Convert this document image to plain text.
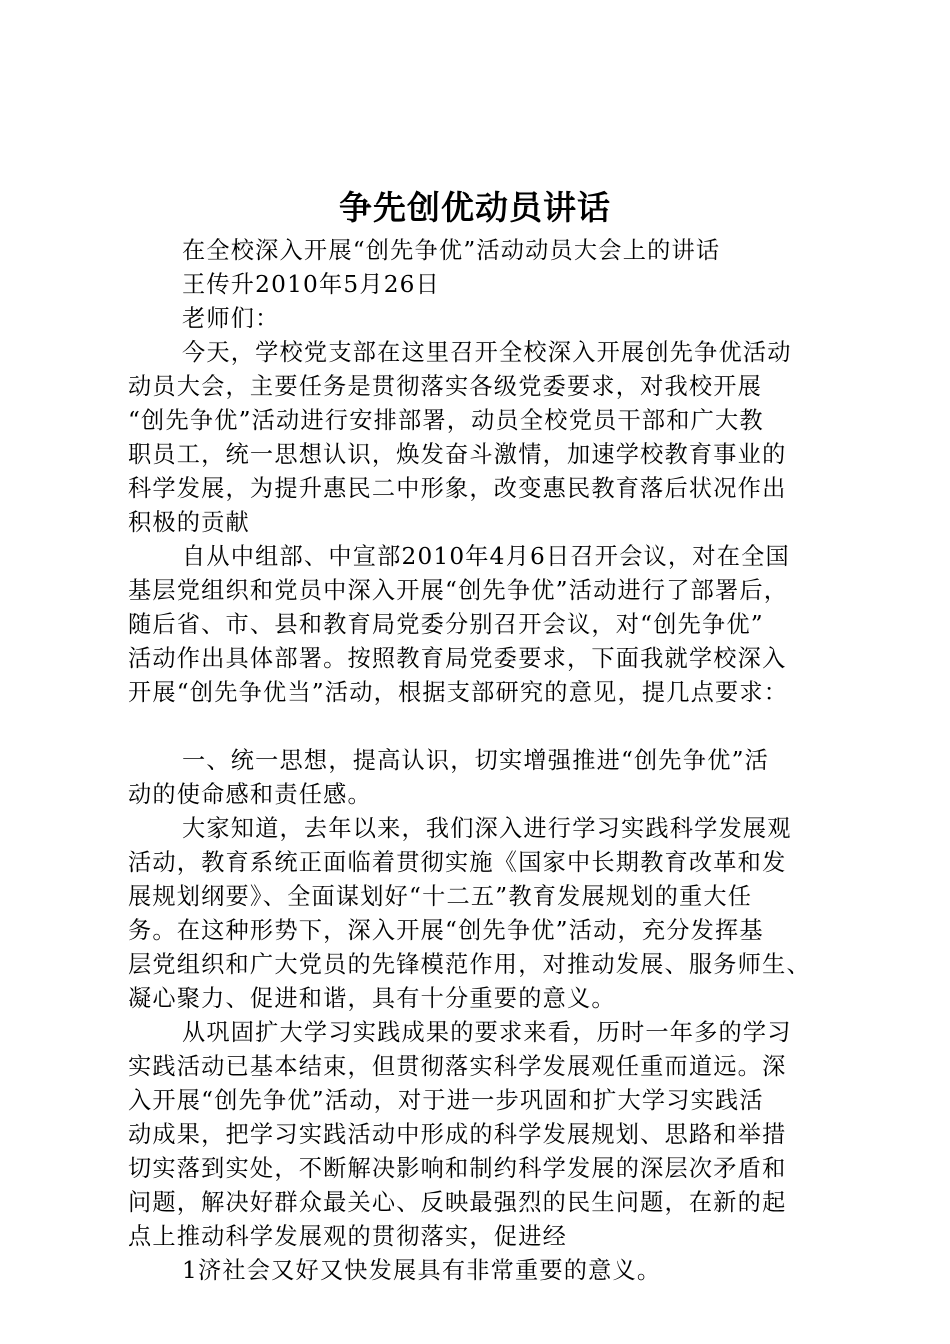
争先创优动员讲话
在全校深入开展“创先争优”活动动员大会上的讲话
王传升2010年5月26日
老师们：
今天，学校党支部在这里召开全校深入开展创先争优活动
动员大会，主要任务是贯彻落实各级党委要求，对我校开展
“创先争优”活动进行安排部署，动员全校党员干部和广大教
职员工，统一思想认识，焕发奋斗激情，加速学校教育事业的
科学发展，为提升惠民二中形象，改变惠民教育落后状况作出
积极的贡献
自从中组部、中宣部2010年4月6日召开会议，对在全国
基层党组织和党员中深入开展“创先争优”活动进行了部署后，
随后省、市、县和教育局党委分别召开会议，对“创先争优”
活动作出具体部署。按照教育局党委要求，下面我就学校深入
开展“创先争优当”活动，根据支部研究的意见，提几点要求：
一、统一思想，提高认识，切实增强推进“创先争优”活
动的使命感和责任感。
大家知道，去年以来，我们深入进行学习实践科学发展观
活动，教育系统正面临着贯彻实施《国家中长期教育改革和发
展规划纲要》、全面谋划好“十二五”教育发展规划的重大任
务。在这种形势下，深入开展“创先争优”活动，充分发挥基
层党组织和广大党员的先锋模范作用，对推动发展、服务师生、
凝心聚力、促进和谐，具有十分重要的意义。
从巩固扩大学习实践成果的要求来看，历时一年多的学习
实践活动已基本结束，但贯彻落实科学发展观任重而道远。深
入开展“创先争优”活动，对于进一步巩固和扩大学习实践活
动成果，把学习实践活动中形成的科学发展规划、思路和举措
切实落到实处，不断解决影响和制约科学发展的深层次矛盾和
问题，解决好群众最关心、反映最强烈的民生问题，在新的起
点上推动科学发展观的贯彻落实，促进经
1济社会又好又快发展具有非常重要的意义。
